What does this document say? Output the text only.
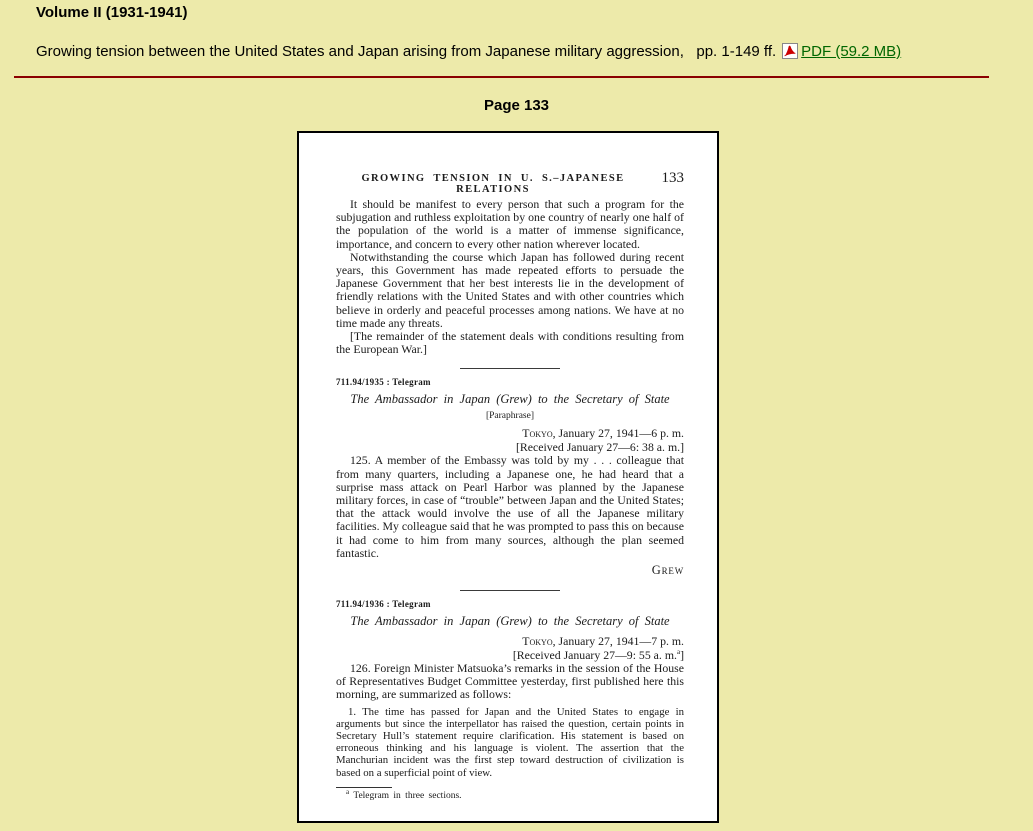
Volume II (1931-1941)
Growing tension between the United States and Japan arising from Japanese military aggression,   pp. 1-149 ff. PDF (59.2 MB)
Page 133
GROWING TENSION IN U. S.–JAPANESE RELATIONS
133

It should be manifest to every person that such a program for the subjugation and ruthless exploitation by one country of nearly one half of the population of the world is a matter of immense significance, importance, and concern to every other nation wherever located.

Notwithstanding the course which Japan has followed during recent years, this Government has made repeated efforts to persuade the Japanese Government that her best interests lie in the development of friendly relations with the United States and with other countries which believe in orderly and peaceful processes among nations. We have at no time made any threats.

[The remainder of the statement deals with conditions resulting from the European War.]

711.94/1935 : Telegram
The Ambassador in Japan (Grew) to the Secretary of State
[Paraphrase]
Tokyo, January 27, 1941—6 p. m.
[Received January 27—6: 38 a. m.]

125. A member of the Embassy was told by my . . . colleague that from many quarters, including a Japanese one, he had heard that a surprise mass attack on Pearl Harbor was planned by the Japanese military forces, in case of “trouble” between Japan and the United States; that the attack would involve the use of all the Japanese military facilities. My colleague said that he was prompted to pass this on because it had come to him from many sources, although the plan seemed fantastic.

Grew
711.94/1936 : Telegram
The Ambassador in Japan (Grew) to the Secretary of State
Tokyo, January 27, 1941—7 p. m.
[Received January 27—9: 55 a. m.$^a$]

126. Foreign Minister Matsuoka’s remarks in the session of the House of Representatives Budget Committee yesterday, first published here this morning, are summarized as follows:

1. The time has passed for Japan and the United States to engage in arguments but since the interpellator has raised the question, certain points in Secretary Hull’s statement require clarification. His statement is based on erroneous thinking and his language is violent. The assertion that the Manchurian incident was the first step toward destruction of civilization is based on a superficial point of view.

$^a$ Telegram in three sections.
